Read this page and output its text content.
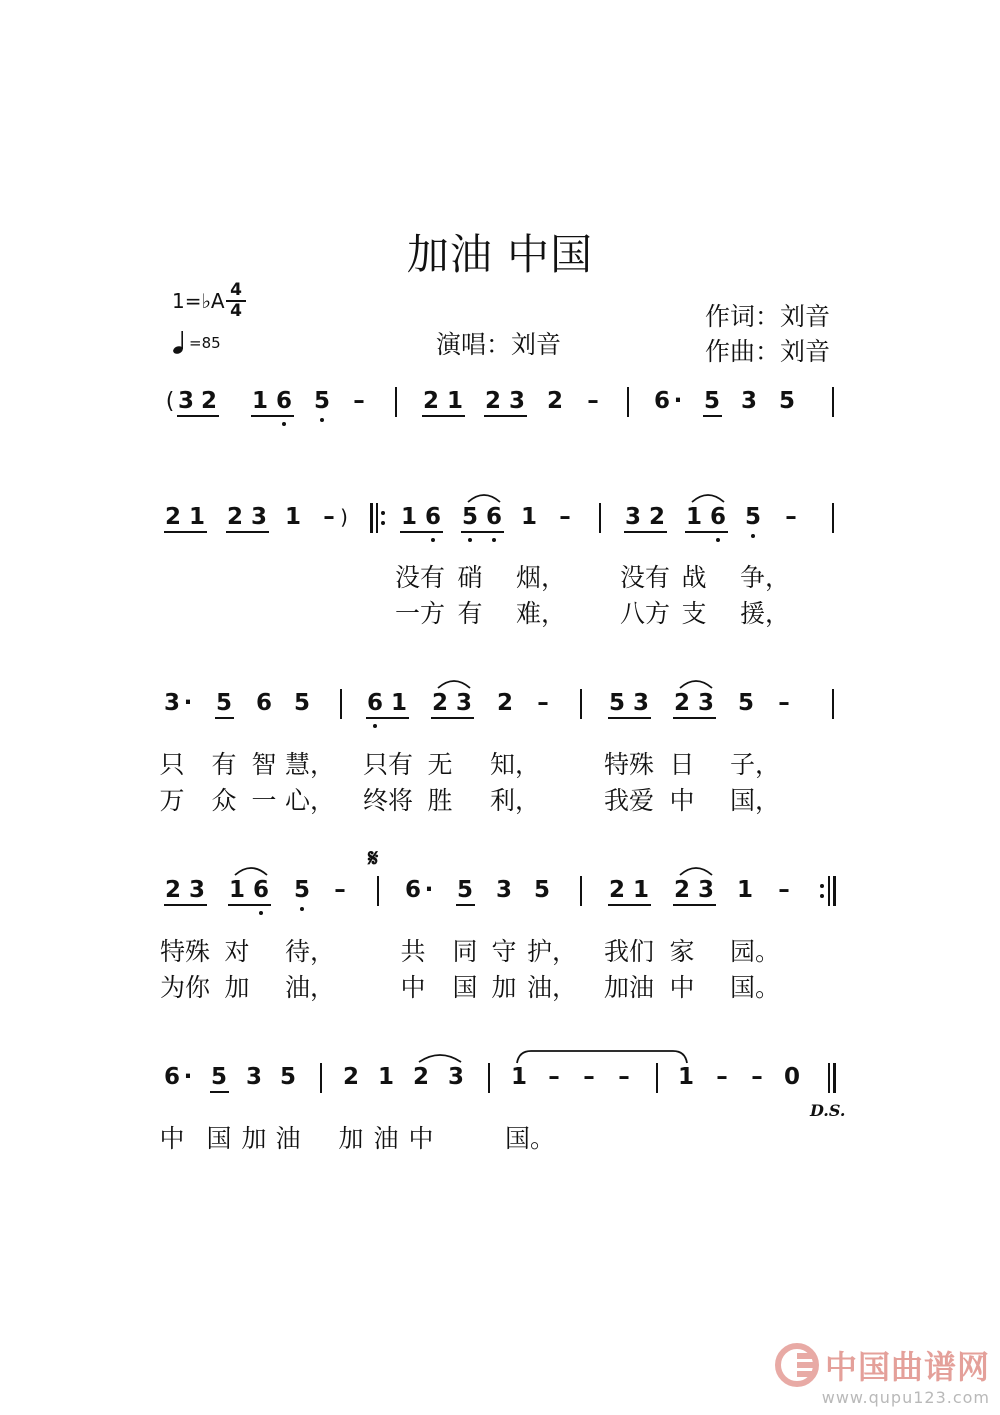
加油 中国
1=♭A 4
4
=85	演唱：刘音
作词：刘音
作曲：刘音
( 3 2 1 6 5 –	2 1 2 3 2 – 6 · 5 3 5
2 1 2 3 1 – ) 1 6 5 6 1 – 3 2 1 6 5 –
没有 硝 烟， 没有 战 争，
一方 有 难， 八方 支 援，
3 · 5 6 5 6 1 2 3 2 –	5 3 2 3 5 –
只 有 智 慧， 只有 无 知，	特殊 日 子，
万 众 一 心， 终将 胜 利，	我爱 中 国，
𝄋
2 3 1 6 5 –	6 · 5 3 5	2 1 2 3 1 –
特殊 对 待，	共 同 守 护， 我们 家 园。
为你 加 油，	中 国 加 油， 加油 中 国。
6 · 5 3 5 2 1 2 3 1 – – – 1 – – 0
D.S.
中 国 加 油 加 油 中	国。
中国曲谱网
www.qupu123.com
